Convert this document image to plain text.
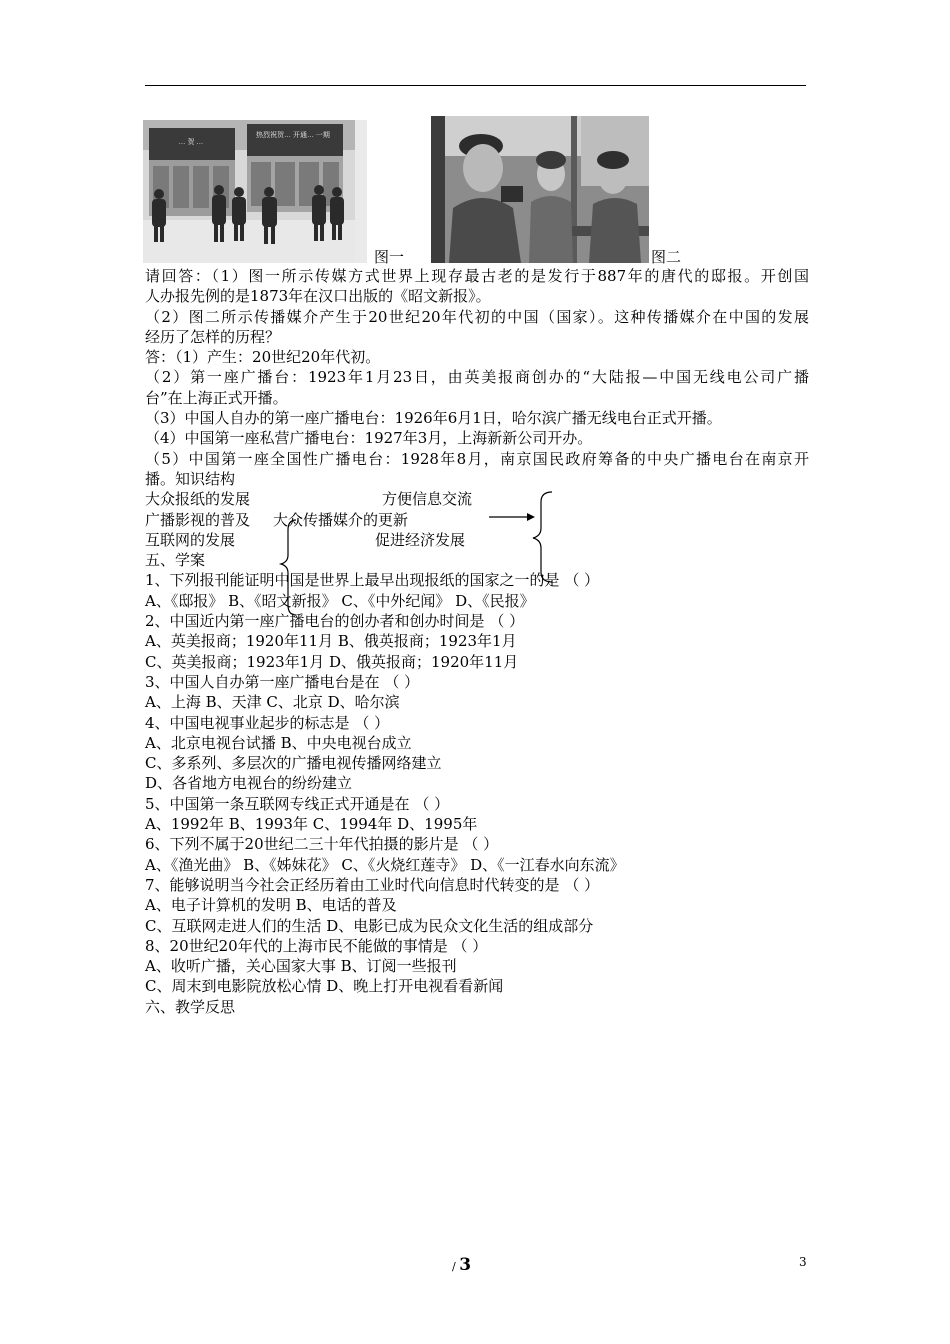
热烈祝贺… 开通… 一期
… 贺 …
图一	图二
请回答：（1）图一所示传媒方式世界上现存最古老的是发行于887年的唐代的邸报。开创国
人办报先例的是1873年在汉口出版的《昭文新报》。
（2）图二所示传播媒介产生于20世纪20年代初的中国（国家）。这种传播媒介在中国的发展
经历了怎样的历程？
答：（1）产生：20世纪20年代初。
（2）第一座广播台：1923年1月23日，由英美报商创办的“大陆报—中国无线电公司广播
台”在上海正式开播。
（3）中国人自办的第一座广播电台：1926年6月1日，哈尔滨广播无线电台正式开播。
（4）中国第一座私营广播电台：1927年3月，上海新新公司开办。
（5）中国第一座全国性广播电台：1928年8月，南京国民政府筹备的中央广播电台在南京开
播。知识结构
大众报纸的发展	方便信息交流
广播影视的普及 大众传播媒介的更新
互联网的发展	促进经济发展
五、学案
1、下列报刊能证明中国是世界上最早出现报纸的国家之一的是 （ ）
A、《邸报》 B、《昭文新报》 C、《中外纪闻》 D、《民报》
2、中国近内第一座广播电台的创办者和创办时间是 （ ）
A、英美报商；1920年11月 B、俄英报商；1923年1月
C、英美报商；1923年1月 D、俄英报商；1920年11月
3、中国人自办第一座广播电台是在 （ ）
A、上海 B、天津 C、北京 D、哈尔滨
4、中国电视事业起步的标志是 （ ）
A、北京电视台试播 B、中央电视台成立
C、多系列、多层次的广播电视传播网络建立
D、各省地方电视台的纷纷建立
5、中国第一条互联网专线正式开通是在 （ ）
A、1992年 B、1993年 C、1994年 D、1995年
6、下列不属于20世纪二三十年代拍摄的影片是 （ ）
A、《渔光曲》 B、《姊妹花》 C、《火烧红莲寺》 D、《一江春水向东流》
7、能够说明当今社会正经历着由工业时代向信息时代转变的是 （ ）
A、电子计算机的发明 B、电话的普及
C、互联网走进人们的生活 D、电影已成为民众文化生活的组成部分
8、20世纪20年代的上海市民不能做的事情是 （ ）
A、收听广播，关心国家大事 B、订阅一些报刊
C、周末到电影院放松心情 D、晚上打开电视看看新闻
六、教学反思
/ 3	3
